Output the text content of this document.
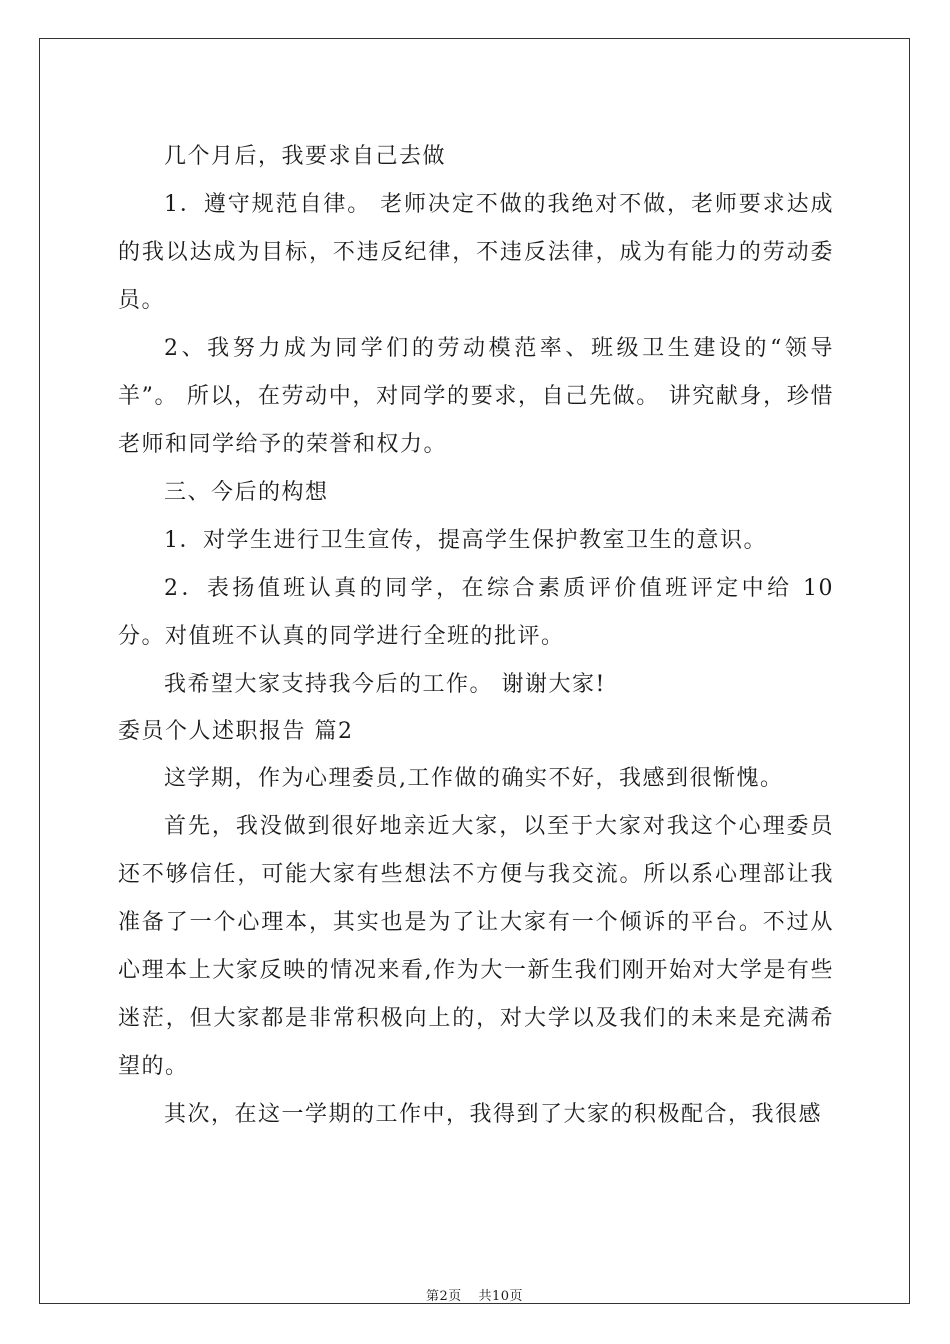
几个月后，我要求自己去做

1．遵守规范自律。 老师决定不做的我绝对不做，老师要求达成的我以达成为目标，不违反纪律，不违反法律，成为有能力的劳动委员。

2、我努力成为同学们的劳动模范率、班级卫生建设的“领导羊”。 所以，在劳动中，对同学的要求，自己先做。 讲究献身，珍惜老师和同学给予的荣誉和权力。

三、今后的构想

1．对学生进行卫生宣传，提高学生保护教室卫生的意识。

2．表扬值班认真的同学，在综合素质评价值班评定中给 10 分。对值班不认真的同学进行全班的批评。

我希望大家支持我今后的工作。 谢谢大家!

委员个人述职报告 篇2

这学期，作为心理委员,工作做的确实不好，我感到很惭愧。

首先，我没做到很好地亲近大家，以至于大家对我这个心理委员还不够信任，可能大家有些想法不方便与我交流。所以系心理部让我准备了一个心理本，其实也是为了让大家有一个倾诉的平台。不过从心理本上大家反映的情况来看,作为大一新生我们刚开始对大学是有些迷茫，但大家都是非常积极向上的，对大学以及我们的未来是充满希望的。

其次，在这一学期的工作中，我得到了大家的积极配合，我很感

第2页 共10页
